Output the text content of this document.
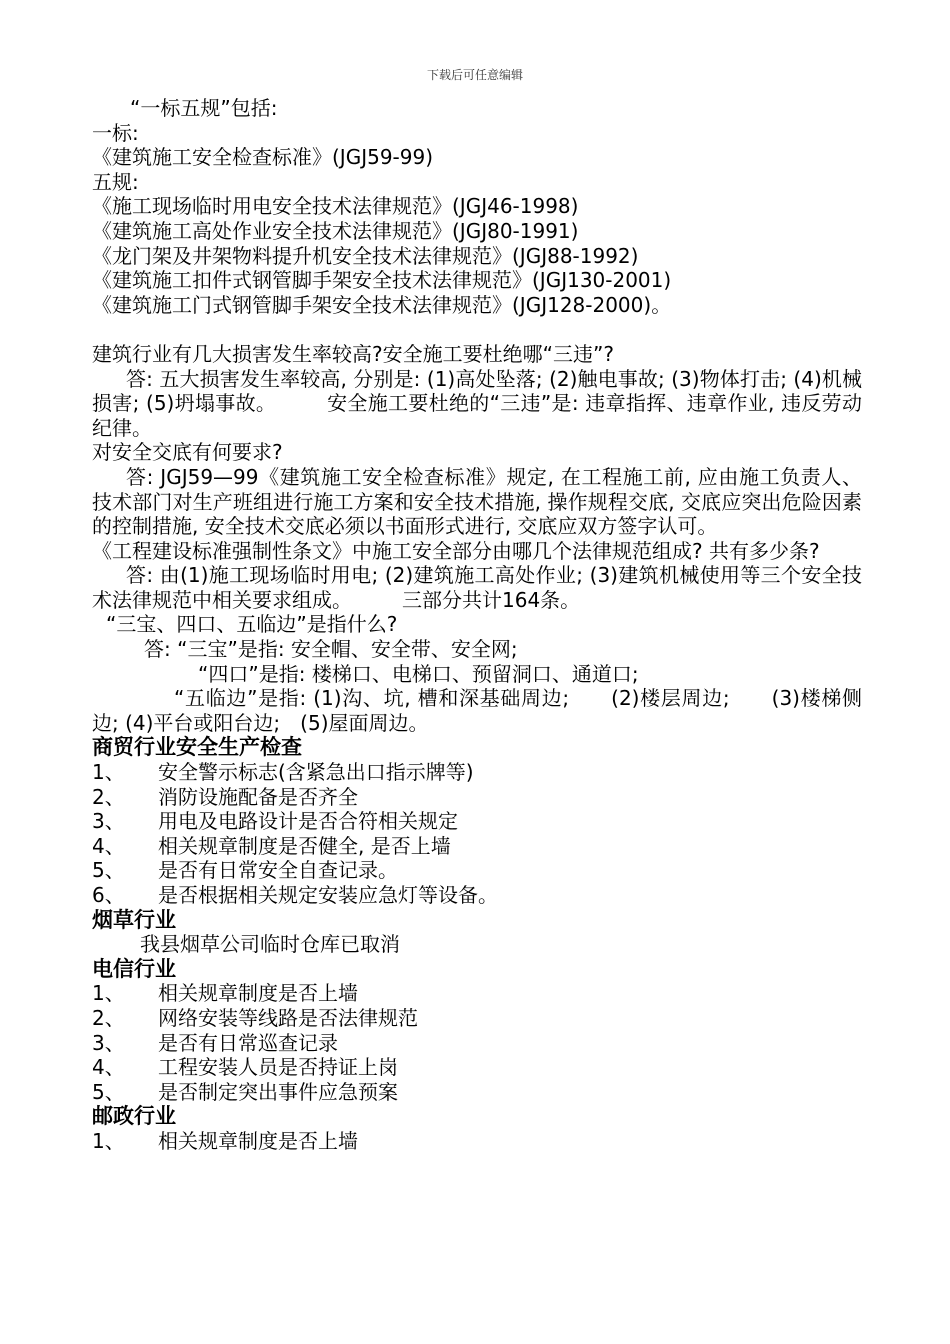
下载后可任意编辑
“一标五规”包括:
一标:
《建筑施工安全检查标准》(JGJ59-99)
五规:
《施工现场临时用电安全技术法律规范》(JGJ46-1998)
《建筑施工高处作业安全技术法律规范》(JGJ80-1991)
《龙门架及井架物料提升机安全技术法律规范》(JGJ88-1992)
《建筑施工扣件式钢管脚手架安全技术法律规范》(JGJ130-2001)
《建筑施工门式钢管脚手架安全技术法律规范》(JGJ128-2000)。
建筑行业有几大损害发生率较高?安全施工要杜绝哪“三违”?
答: 五大损害发生率较高, 分别是: (1)高处坠落; (2)触电事故; (3)物体打击; (4)机械损害; (5)坍塌事故。　　　安全施工要杜绝的“三违”是: 违章指挥、违章作业, 违反劳动纪律。
对安全交底有何要求?
答: JGJ59—99《建筑施工安全检查标准》规定, 在工程施工前, 应由施工负责人、技术部门对生产班组进行施工方案和安全技术措施, 操作规程交底, 交底应突出危险因素的控制措施, 安全技术交底必须以书面形式进行, 交底应双方签字认可。
《工程建设标准强制性条文》中施工安全部分由哪几个法律规范组成? 共有多少条?
答: 由(1)施工现场临时用电; (2)建筑施工高处作业; (3)建筑机械使用等三个安全技术法律规范中相关要求组成。　　　三部分共计164条。
“三宝、四口、五临边”是指什么?
答: “三宝”是指: 安全帽、安全带、安全网;
“四口”是指: 楼梯口、电梯口、预留洞口、通道口;
“五临边”是指: (1)沟、坑, 槽和深基础周边;　　(2)楼层周边;　　(3)楼梯侧边; (4)平台或阳台边;　(5)屋面周边。
商贸行业安全生产检查
1、 安全警示标志(含紧急出口指示牌等)
2、 消防设施配备是否齐全
3、 用电及电路设计是否合符相关规定
4、 相关规章制度是否健全, 是否上墙
5、 是否有日常安全自查记录。
6、 是否根据相关规定安装应急灯等设备。
烟草行业
我县烟草公司临时仓库已取消
电信行业
1、 相关规章制度是否上墙
2、 网络安装等线路是否法律规范
3、 是否有日常巡查记录
4、 工程安装人员是否持证上岗
5、 是否制定突出事件应急预案
邮政行业
1、 相关规章制度是否上墙
